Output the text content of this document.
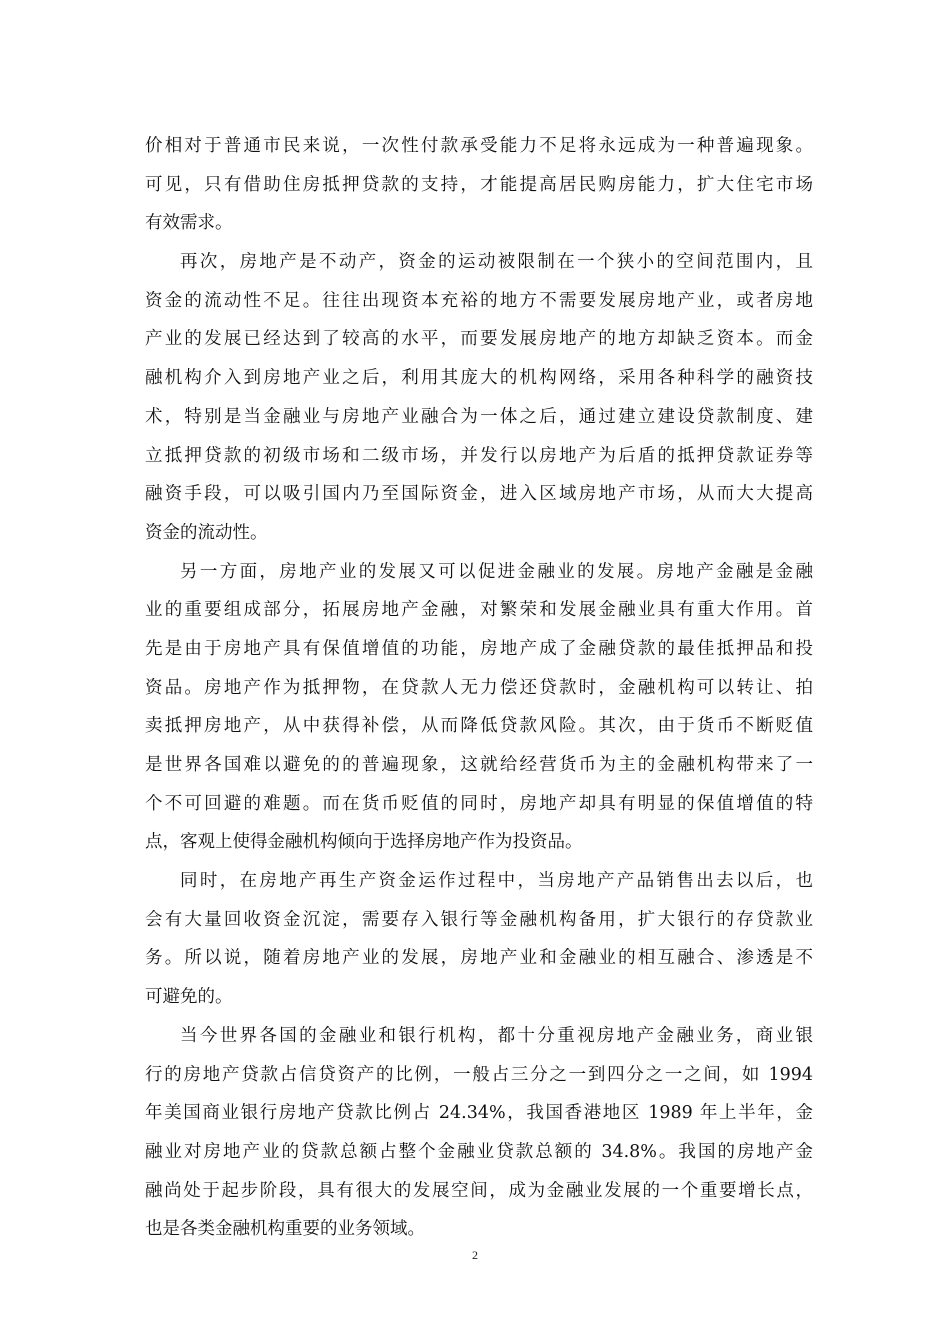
价相对于普通市民来说，一次性付款承受能力不足将永远成为一种普遍现象。
可见，只有借助住房抵押贷款的支持，才能提高居民购房能力，扩大住宅市场
有效需求。
再次，房地产是不动产，资金的运动被限制在一个狭小的空间范围内，且
资金的流动性不足。往往出现资本充裕的地方不需要发展房地产业，或者房地
产业的发展已经达到了较高的水平，而要发展房地产的地方却缺乏资本。而金
融机构介入到房地产业之后，利用其庞大的机构网络，采用各种科学的融资技
术，特别是当金融业与房地产业融合为一体之后，通过建立建设贷款制度、建
立抵押贷款的初级市场和二级市场，并发行以房地产为后盾的抵押贷款证券等
融资手段，可以吸引国内乃至国际资金，进入区域房地产市场，从而大大提高
资金的流动性。
另一方面，房地产业的发展又可以促进金融业的发展。房地产金融是金融
业的重要组成部分，拓展房地产金融，对繁荣和发展金融业具有重大作用。首
先是由于房地产具有保值增值的功能，房地产成了金融贷款的最佳抵押品和投
资品。房地产作为抵押物，在贷款人无力偿还贷款时，金融机构可以转让、拍
卖抵押房地产，从中获得补偿，从而降低贷款风险。其次，由于货币不断贬值
是世界各国难以避免的的普遍现象，这就给经营货币为主的金融机构带来了一
个不可回避的难题。而在货币贬值的同时，房地产却具有明显的保值增值的特
点，客观上使得金融机构倾向于选择房地产作为投资品。
同时，在房地产再生产资金运作过程中，当房地产产品销售出去以后，也
会有大量回收资金沉淀，需要存入银行等金融机构备用，扩大银行的存贷款业
务。所以说，随着房地产业的发展，房地产业和金融业的相互融合、渗透是不
可避免的。
当今世界各国的金融业和银行机构，都十分重视房地产金融业务，商业银
行的房地产贷款占信贷资产的比例，一般占三分之一到四分之一之间，如 1994
年美国商业银行房地产贷款比例占 24.34%，我国香港地区 1989 年上半年，金
融业对房地产业的贷款总额占整个金融业贷款总额的 34.8%。我国的房地产金
融尚处于起步阶段，具有很大的发展空间，成为金融业发展的一个重要增长点，
也是各类金融机构重要的业务领域。
2
